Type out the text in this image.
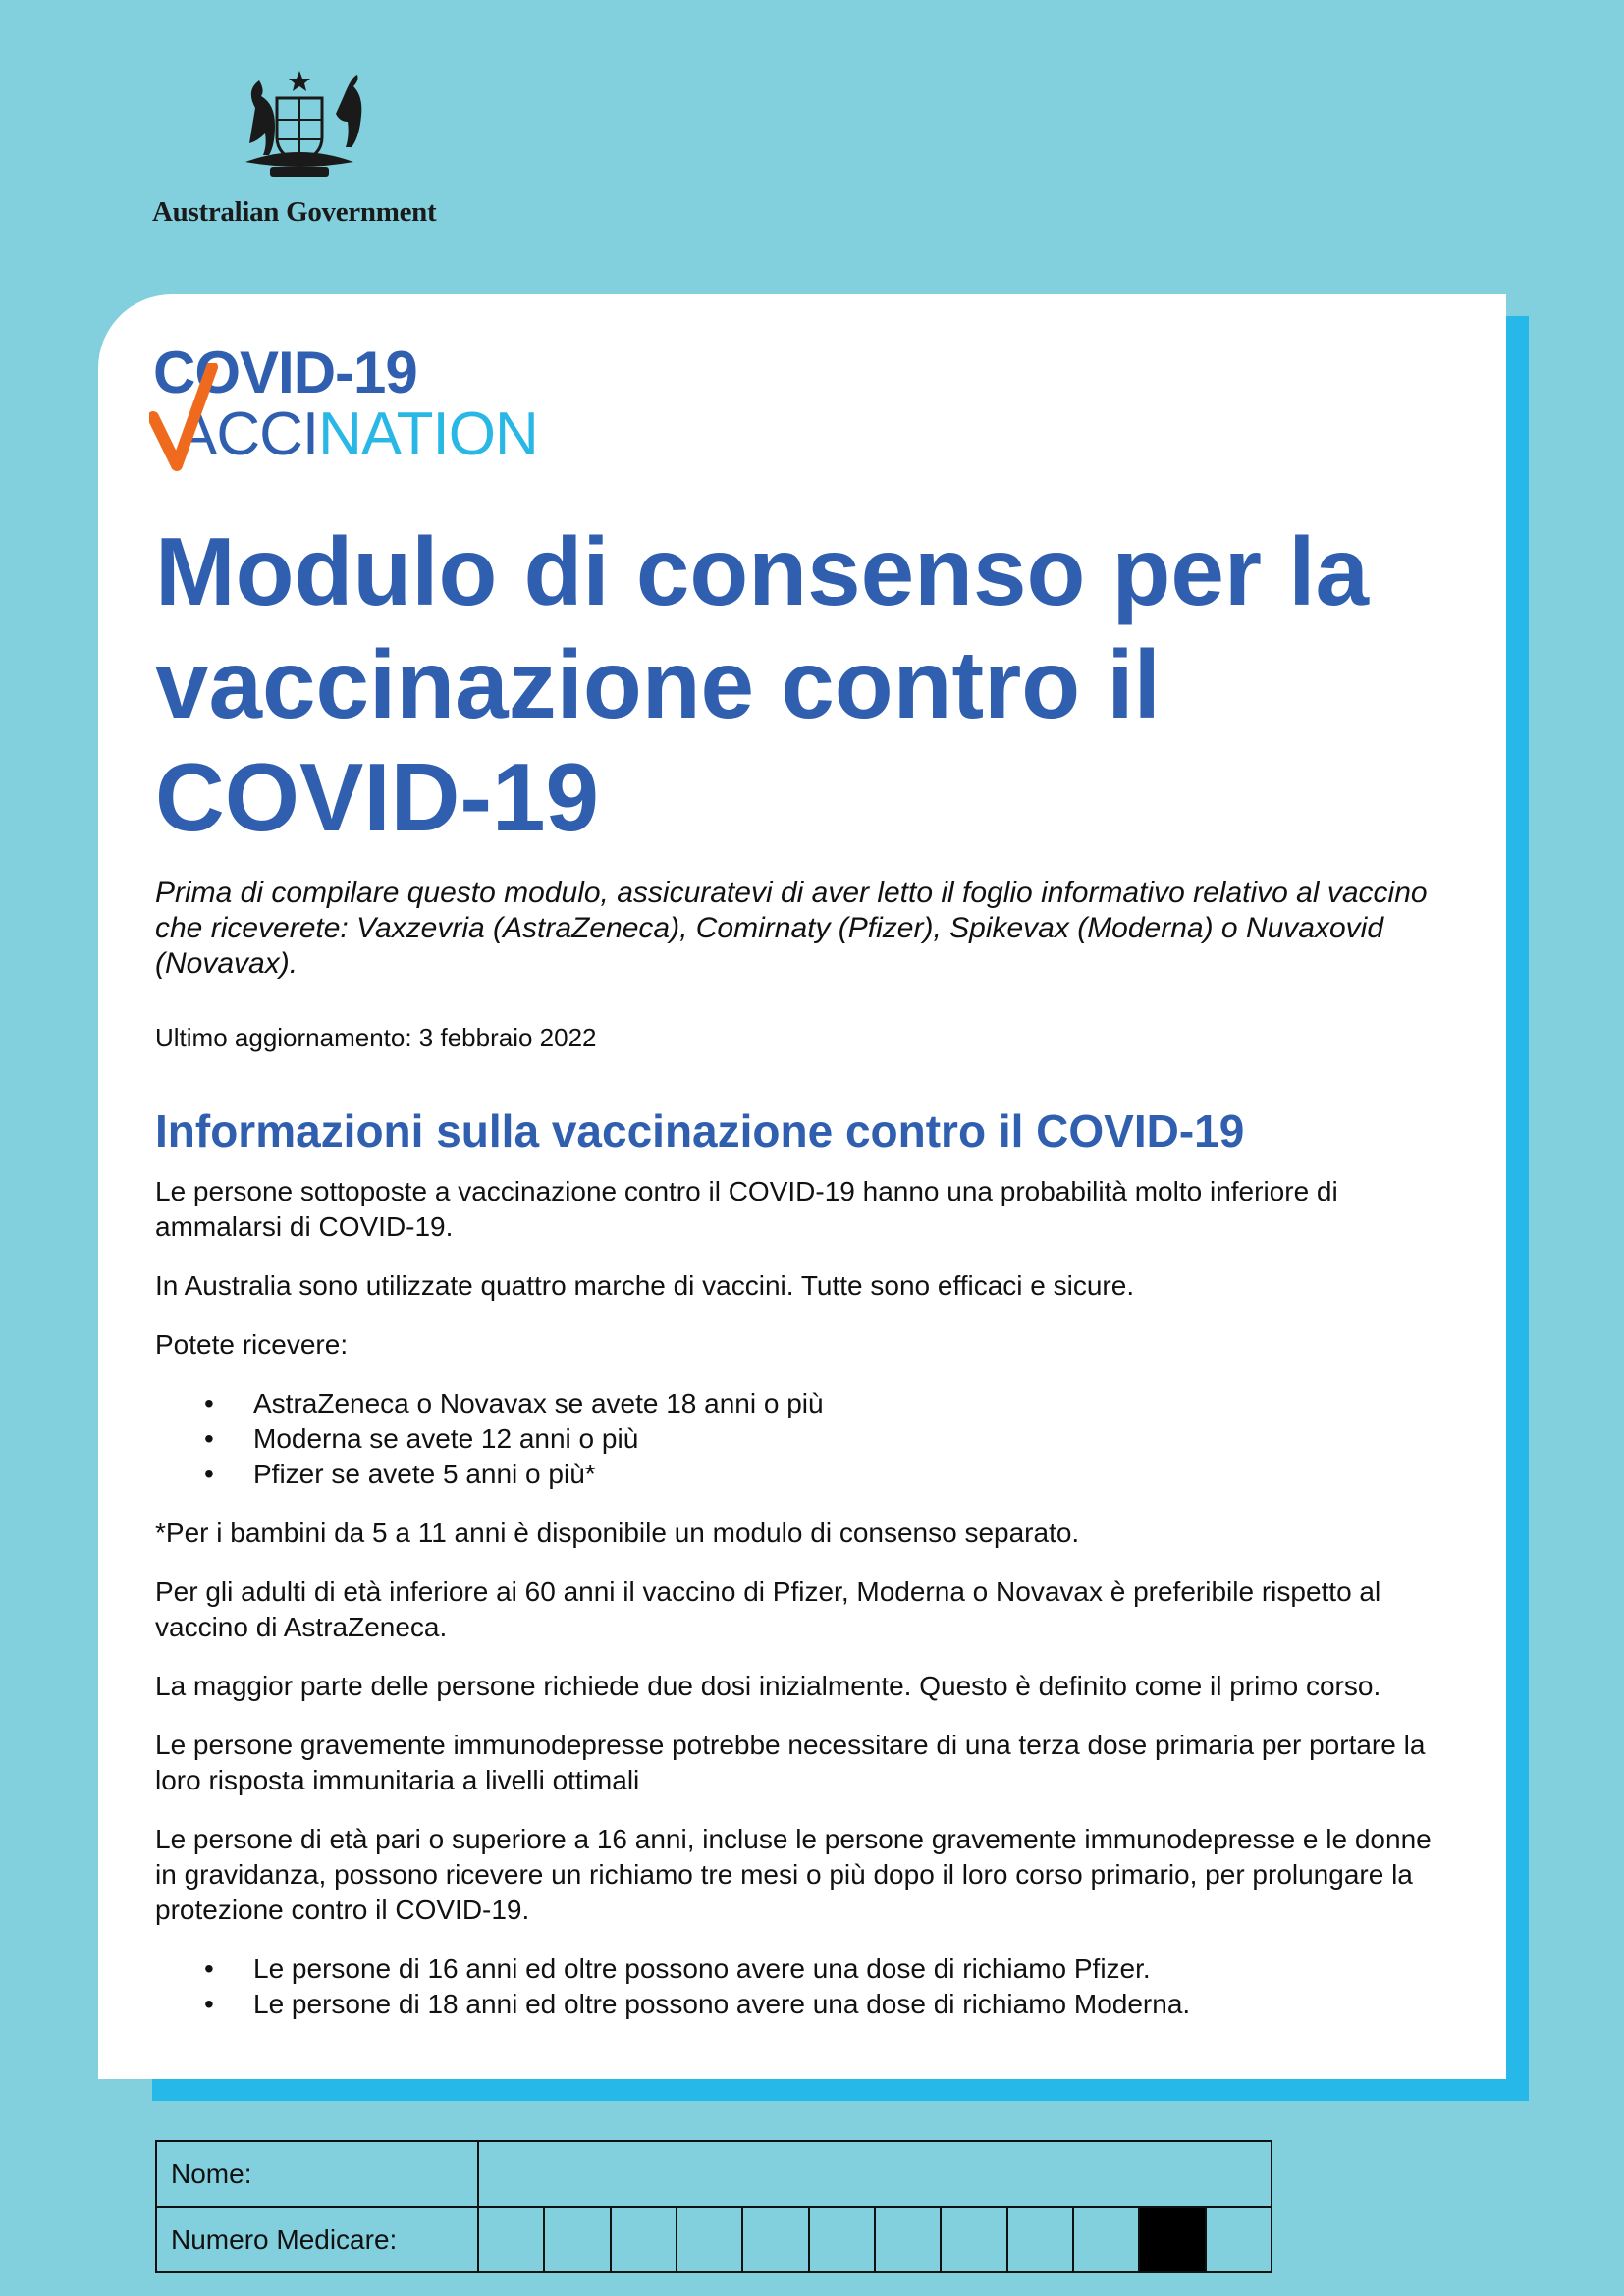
Australian Government
COVID-19
ACCINATION
Modulo di consenso per la vaccinazione contro il COVID-19

Prima di compilare questo modulo, assicuratevi di aver letto il foglio informativo relativo al vaccino che riceverete: Vaxzevria (AstraZeneca), Comirnaty (Pfizer), Spikevax (Moderna) o Nuvaxovid (Novavax).

Ultimo aggiornamento: 3 febbraio 2022

Informazioni sulla vaccinazione contro il COVID-19

Le persone sottoposte a vaccinazione contro il COVID-19 hanno una probabilità molto inferiore di ammalarsi di COVID-19.

In Australia sono utilizzate quattro marche di vaccini. Tutte sono efficaci e sicure.

Potete ricevere:

• AstraZeneca o Novavax se avete 18 anni o più
• Moderna se avete 12 anni o più
• Pfizer se avete 5 anni o più*

*Per i bambini da 5 a 11 anni è disponibile un modulo di consenso separato.

Per gli adulti di età inferiore ai 60 anni il vaccino di Pfizer, Moderna o Novavax è preferibile rispetto al vaccino di AstraZeneca.

La maggior parte delle persone richiede due dosi inizialmente. Questo è definito come il primo corso.

Le persone gravemente immunodepresse potrebbe necessitare di una terza dose primaria per portare la loro risposta immunitaria a livelli ottimali

Le persone di età pari o superiore a 16 anni, incluse le persone gravemente immunodepresse e le donne in gravidanza, possono ricevere un richiamo tre mesi o più dopo il loro corso primario, per prolungare la protezione contro il COVID-19.

• Le persone di 16 anni ed oltre possono avere una dose di richiamo Pfizer.
• Le persone di 18 anni ed oltre possono avere una dose di richiamo Moderna.
Nome:	
Numero Medicare:	
